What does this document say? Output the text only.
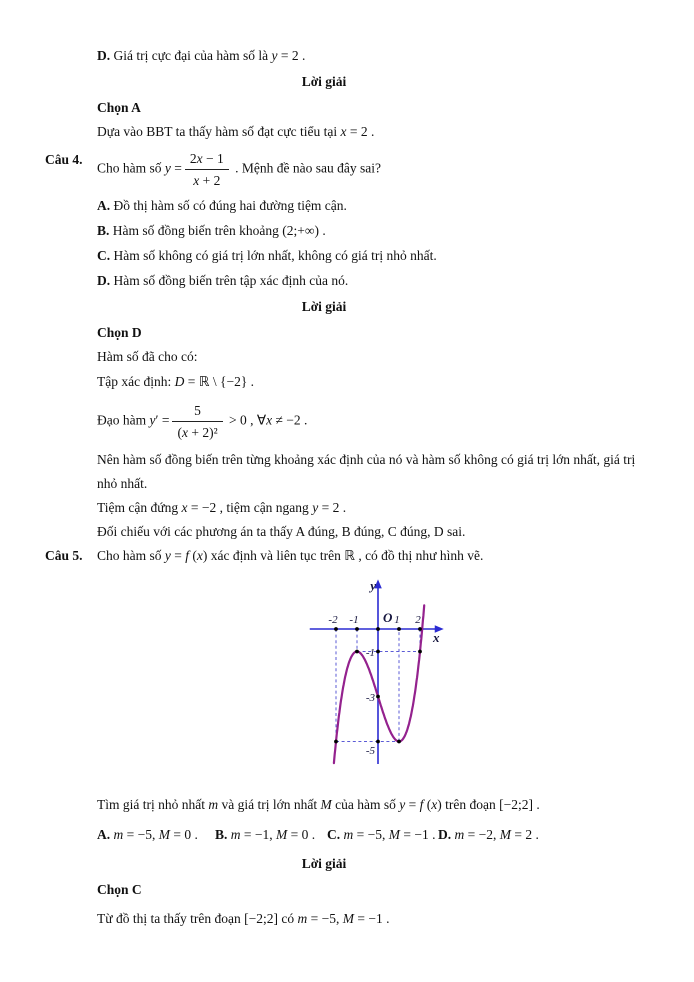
D. Giá trị cực đại của hàm số là y = 2 .
Lời giải
Chọn A
Dựa vào BBT ta thấy hàm số đạt cực tiểu tại x = 2 .
Câu 4.
Cho hàm số $y = \frac{2x - 1}{x + 2}$ . Mệnh đề nào sau đây sai?
A. Đồ thị hàm số có đúng hai đường tiệm cận.
B. Hàm số đồng biến trên khoảng (2;+∞) .
C. Hàm số không có giá trị lớn nhất, không có giá trị nhỏ nhất.
D. Hàm số đồng biến trên tập xác định của nó.
Lời giải
Chọn D
Hàm số đã cho có:
Tập xác định: D = ℝ \ {−2} .
Đạo hàm $y' = \frac{5}{\text{(x + 2)²}} > 0$ , ∀x ≠ −2 .
Nên hàm số đồng biến trên từng khoảng xác định của nó và hàm số không có giá trị lớn nhất, giá trị nhỏ nhất.
Tiệm cận đứng x = −2 , tiệm cận ngang y = 2 .
Đối chiếu với các phương án ta thấy A đúng, B đúng, C đúng, D sai.
Câu 5. Cho hàm số y = f (x) xác định và liên tục trên ℝ , có đồ thị như hình vẽ.
y
x
O
-2 -1	1 2
-1
-3
-5
Tìm giá trị nhỏ nhất m và giá trị lớn nhất M của hàm số y = f (x) trên đoạn [−2;2] .
A. m = −5, M = 0 . B. m = −1, M = 0 . C. m = −5, M = −1 . D. m = −2, M = 2 .
Lời giải
Chọn C
Từ đồ thị ta thấy trên đoạn [−2;2] có m = −5, M = −1 .
